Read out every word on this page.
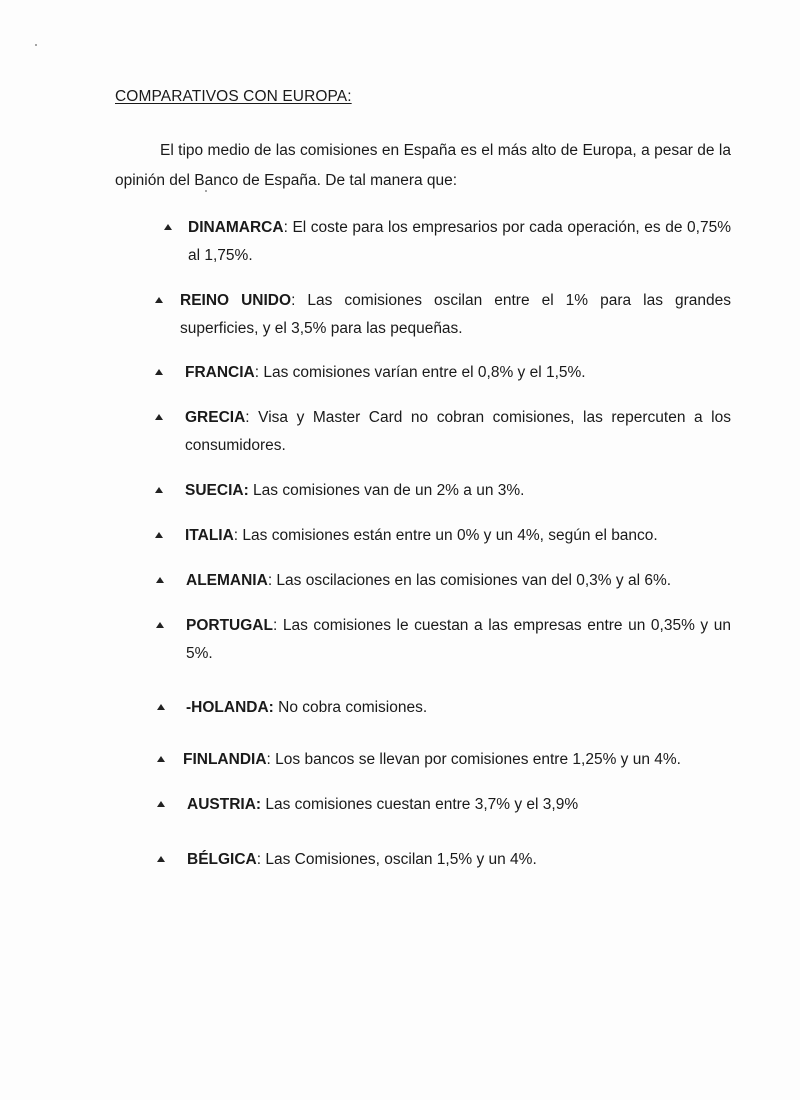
COMPARATIVOS CON EUROPA:
El tipo medio de las comisiones en España es el más alto de Europa, a pesar de la opinión del Banco de España. De tal manera que:
DINAMARCA: El coste para los empresarios por cada operación, es de 0,75% al 1,75%.
REINO UNIDO: Las comisiones oscilan entre el 1% para las grandes superficies, y el 3,5% para las pequeñas.
FRANCIA: Las comisiones varían entre el 0,8% y el 1,5%.
GRECIA: Visa y Master Card no cobran comisiones, las repercuten a los consumidores.
SUECIA: Las comisiones van de un 2% a un 3%.
ITALIA: Las comisiones están entre un 0% y un 4%, según el banco.
ALEMANIA: Las oscilaciones en las comisiones van del 0,3% y al 6%.
PORTUGAL: Las comisiones le cuestan a las empresas entre un 0,35% y un 5%.
-HOLANDA: No cobra comisiones.
FINLANDIA: Los bancos se llevan por comisiones entre 1,25% y un 4%.
AUSTRIA: Las comisiones cuestan entre 3,7% y el 3,9%
BÉLGICA: Las Comisiones, oscilan 1,5% y un 4%.
